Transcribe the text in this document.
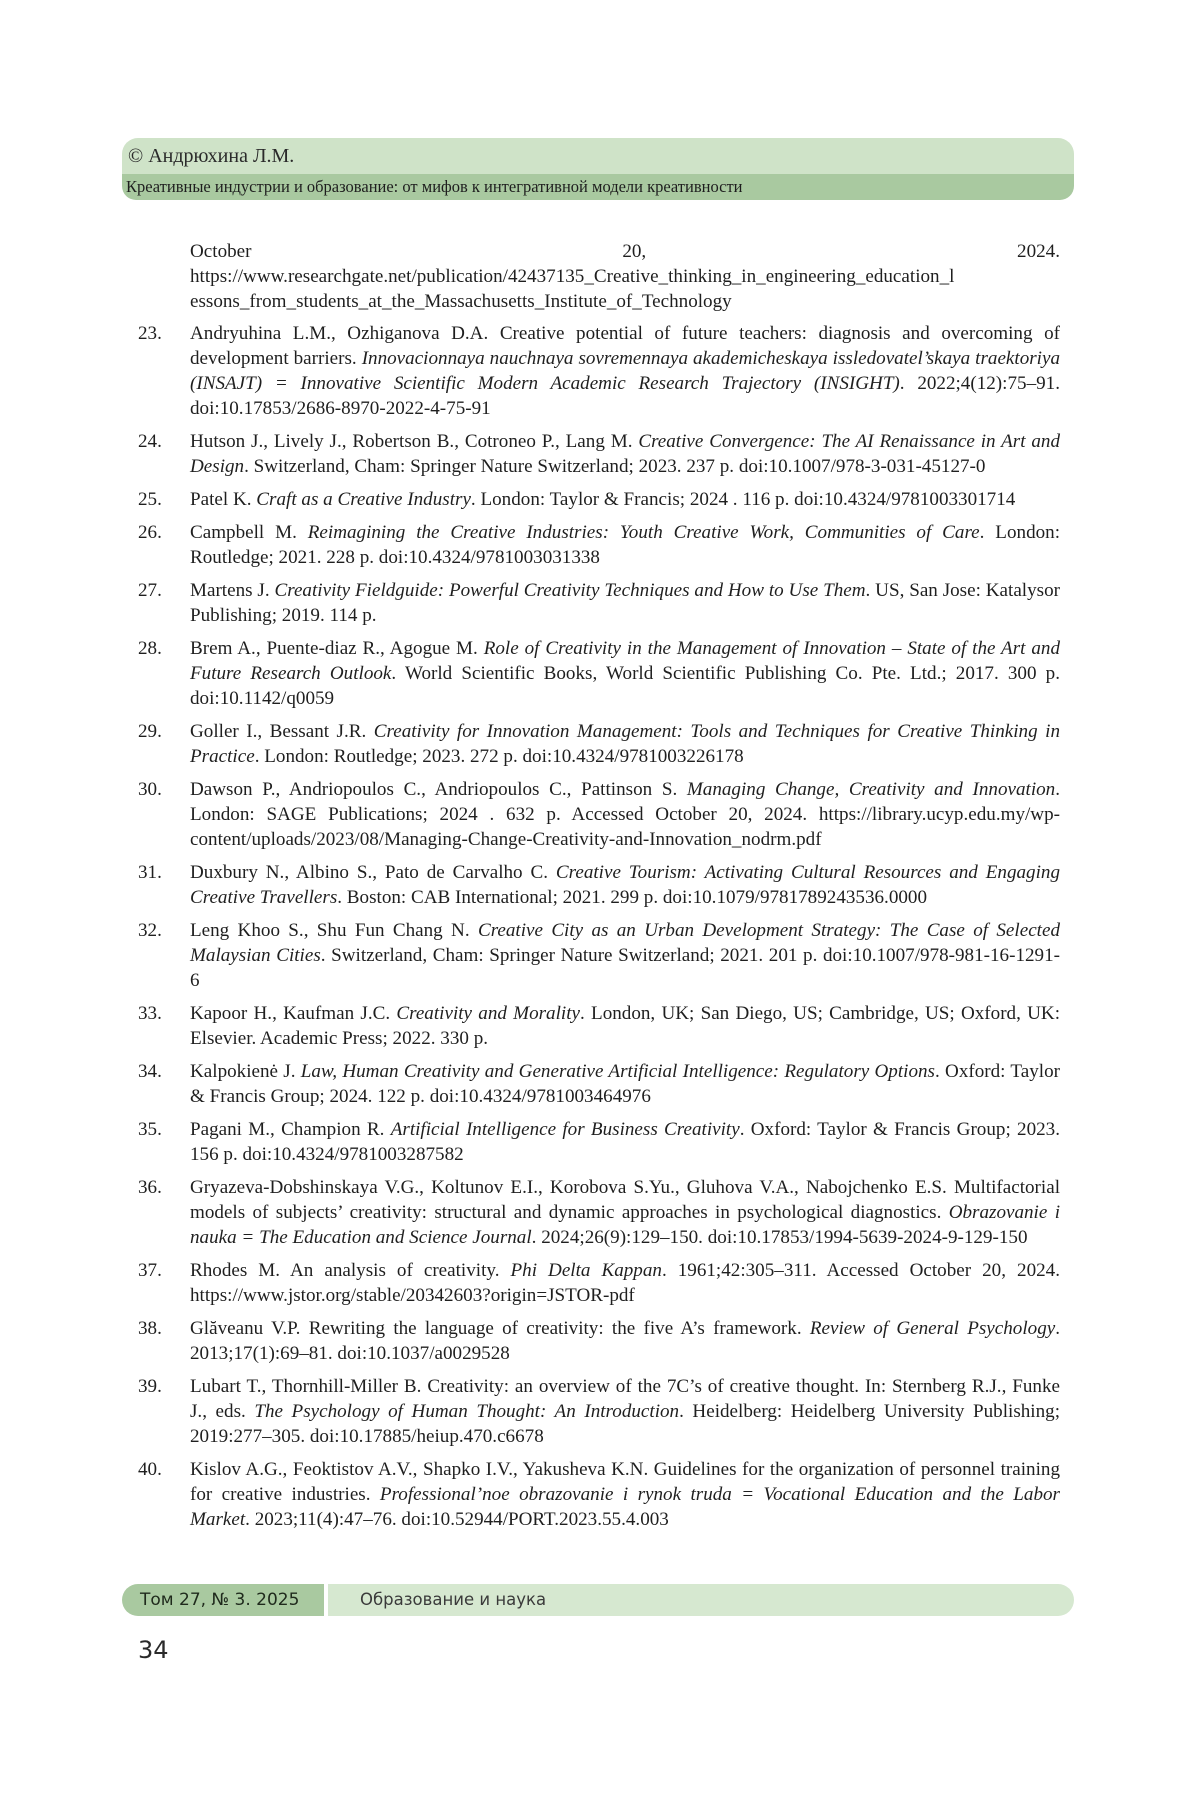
© Андрюхина Л.М.
Креативные индустрии и образование: от мифов к интегративной модели креативности
October 20, 2024. https://www.researchgate.net/publication/42437135_Creative_thinking_in_engineering_education_l essons_from_students_at_the_Massachusetts_Institute_of_Technology
23. Andryuhina L.M., Ozhiganova D.A. Creative potential of future teachers: diagnosis and overcoming of development barriers. Innovacionnaya nauchnaya sovremennaya akademicheskaya issledovatel’skaya traektoriya (INSAJT) = Innovative Scientific Modern Academic Research Trajectory (INSIGHT). 2022;4(12):75–91. doi:10.17853/2686-8970-2022-4-75-91
24. Hutson J., Lively J., Robertson B., Cotroneo P., Lang M. Creative Convergence: The AI Renaissance in Art and Design. Switzerland, Cham: Springer Nature Switzerland; 2023. 237 p. doi:10.1007/978-3-031-45127-0
25. Patel K. Craft as a Creative Industry. London: Taylor & Francis; 2024 . 116 p. doi:10.4324/9781003301714
26. Campbell M. Reimagining the Creative Industries: Youth Creative Work, Communities of Care. London: Routledge; 2021. 228 p. doi:10.4324/9781003031338
27. Martens J. Creativity Fieldguide: Powerful Creativity Techniques and How to Use Them. US, San Jose: Katalysor Publishing; 2019. 114 p.
28. Brem A., Puente-diaz R., Agogue M. Role of Creativity in the Management of Innovation – State of the Art and Future Research Outlook. World Scientific Books, World Scientific Publishing Co. Pte. Ltd.; 2017. 300 p. doi:10.1142/q0059
29. Goller I., Bessant J.R. Creativity for Innovation Management: Tools and Techniques for Creative Thinking in Practice. London: Routledge; 2023. 272 p. doi:10.4324/9781003226178
30. Dawson P., Andriopoulos C., Andriopoulos C., Pattinson S. Managing Change, Creativity and Innovation. London: SAGE Publications; 2024 . 632 p. Accessed October 20, 2024. https://library.ucyp.edu.my/wp-content/uploads/2023/08/Managing-Change-Creativity-and-Innovation_nodrm.pdf
31. Duxbury N., Albino S., Pato de Carvalho C. Creative Tourism: Activating Cultural Resources and Engaging Creative Travellers. Boston: CAB International; 2021. 299 p. doi:10.1079/9781789243536.0000
32. Leng Khoo S., Shu Fun Chang N. Creative City as an Urban Development Strategy: The Case of Selected Malaysian Cities. Switzerland, Cham: Springer Nature Switzerland; 2021. 201 p. doi:10.1007/978-981-16-1291-6
33. Kapoor H., Kaufman J.C. Creativity and Morality. London, UK; San Diego, US; Cambridge, US; Oxford, UK: Elsevier. Academic Press; 2022. 330 p.
34. Kalpokienė J. Law, Human Creativity and Generative Artificial Intelligence: Regulatory Options. Oxford: Taylor & Francis Group; 2024. 122 p. doi:10.4324/9781003464976
35. Pagani M., Champion R. Artificial Intelligence for Business Creativity. Oxford: Taylor & Francis Group; 2023. 156 p. doi:10.4324/9781003287582
36. Gryazeva-Dobshinskaya V.G., Koltunov E.I., Korobova S.Yu., Gluhova V.A., Nabojchenko E.S. Multifactorial models of subjects’ creativity: structural and dynamic approaches in psychological diagnostics. Obrazovanie i nauka = The Education and Science Journal. 2024;26(9):129–150. doi:10.17853/1994-5639-2024-9-129-150
37. Rhodes M. An analysis of creativity. Phi Delta Kappan. 1961;42:305–311. Accessed October 20, 2024. https://www.jstor.org/stable/20342603?origin=JSTOR-pdf
38. Glăveanu V.P. Rewriting the language of creativity: the five A’s framework. Review of General Psychology. 2013;17(1):69–81. doi:10.1037/a0029528
39. Lubart T., Thornhill-Miller B. Creativity: an overview of the 7C’s of creative thought. In: Sternberg R.J., Funke J., eds. The Psychology of Human Thought: An Introduction. Heidelberg: Heidelberg University Publishing; 2019:277–305. doi:10.17885/heiup.470.c6678
40. Kislov A.G., Feoktistov A.V., Shapko I.V., Yakusheva K.N. Guidelines for the organization of personnel training for creative industries. Professional’noe obrazovanie i rynok truda = Vocational Education and the Labor Market. 2023;11(4):47–76. doi:10.52944/PORT.2023.55.4.003
Том 27, № 3. 2025	Образование и наука
34
